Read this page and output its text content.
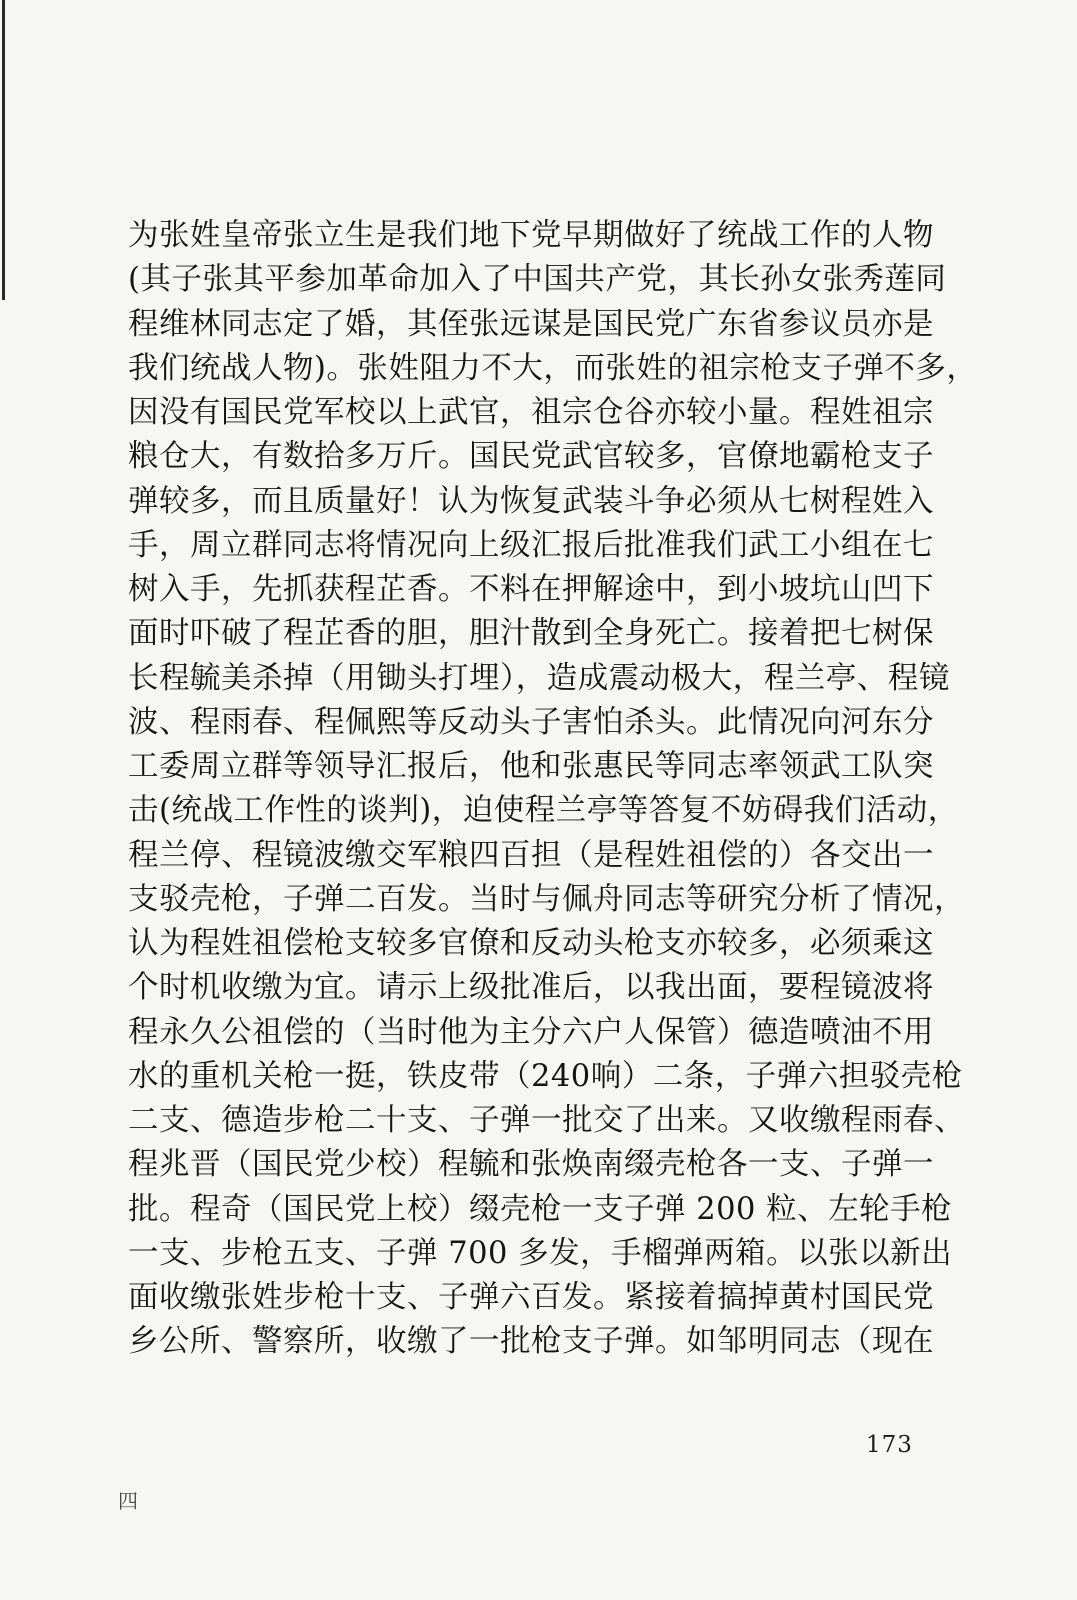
为张姓皇帝张立生是我们地下党早期做好了统战工作的人物
(其子张其平参加革命加入了中国共产党，其长孙女张秀莲同
程维林同志定了婚，其侄张远谋是国民党广东省参议员亦是
我们统战人物)。张姓阻力不大，而张姓的祖宗枪支子弹不多，
因没有国民党军校以上武官，祖宗仓谷亦较小量。程姓祖宗
粮仓大，有数拾多万斤。国民党武官较多，官僚地霸枪支子
弹较多，而且质量好！认为恢复武装斗争必须从七树程姓入
手，周立群同志将情况向上级汇报后批准我们武工小组在七
树入手，先抓获程芷香。不料在押解途中，到小坡坑山凹下
面时吓破了程芷香的胆，胆汁散到全身死亡。接着把七树保
长程毓美杀掉（用锄头打埋），造成震动极大，程兰亭、程镜
波、程雨春、程佩熙等反动头子害怕杀头。此情况向河东分
工委周立群等领导汇报后，他和张惠民等同志率领武工队突
击(统战工作性的谈判)，迫使程兰亭等答复不妨碍我们活动，
程兰停、程镜波缴交军粮四百担（是程姓祖偿的）各交出一
支驳壳枪，子弹二百发。当时与佩舟同志等研究分析了情况，
认为程姓祖偿枪支较多官僚和反动头枪支亦较多，必须乘这
个时机收缴为宜。请示上级批准后，以我出面，要程镜波将
程永久公祖偿的（当时他为主分六户人保管）德造喷油不用
水的重机关枪一挺，铁皮带（240响）二条，子弹六担驳壳枪
二支、德造步枪二十支、子弹一批交了出来。又收缴程雨春、
程兆晋（国民党少校）程毓和张焕南缀壳枪各一支、子弹一
批。程奇（国民党上校）缀壳枪一支子弹 200 粒、左轮手枪
一支、步枪五支、子弹 700 多发，手榴弹两箱。以张以新出
面收缴张姓步枪十支、子弹六百发。紧接着搞掉黄村国民党
乡公所、警察所，收缴了一批枪支子弹。如邹明同志（现在
173
四
